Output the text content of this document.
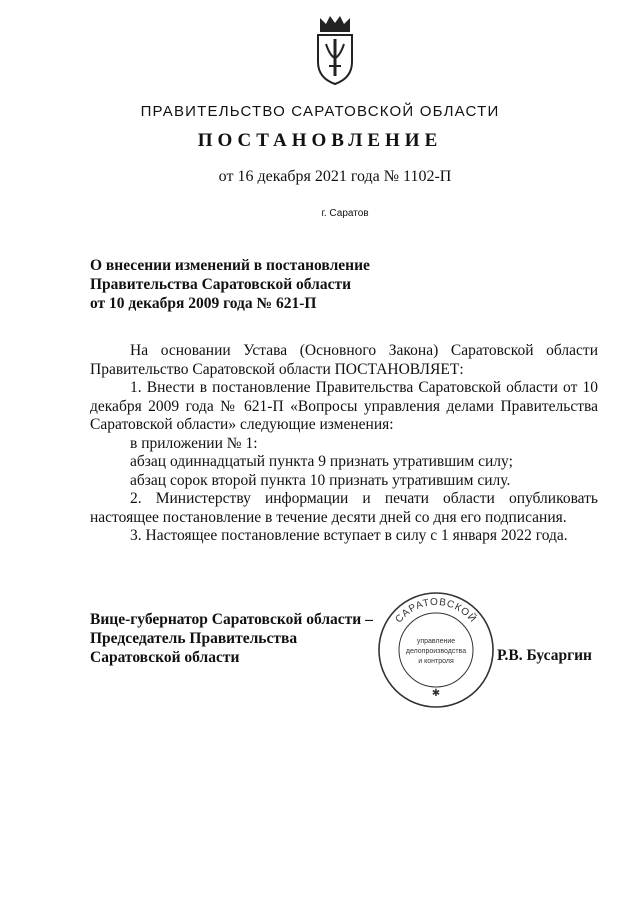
ПРАВИТЕЛЬСТВО САРАТОВСКОЙ ОБЛАСТИ
ПОСТАНОВЛЕНИЕ
от 16 декабря 2021 года № 1102-П
г. Саратов
О внесении изменений в постановление
Правительства Саратовской области
от 10 декабря 2009 года № 621-П
На основании Устава (Основного Закона) Саратовской области Правительство Саратовской области ПОСТАНОВЛЯЕТ:
1. Внести в постановление Правительства Саратовской области от 10 декабря 2009 года № 621-П «Вопросы управления делами Правительства Саратовской области» следующие изменения:
в приложении № 1:
абзац одиннадцатый пункта 9 признать утратившим силу;
абзац сорок второй пункта 10 признать утратившим силу.
2. Министерству информации и печати области опубликовать настоящее постановление в течение десяти дней со дня его подписания.
3. Настоящее постановление вступает в силу с 1 января 2022 года.
Вице-губернатор Саратовской области –
Председатель Правительства
Саратовской области
САРАТОВСКОЙ
управление
делопроизводства
и контроля
✱
Р.В. Бусаргин
